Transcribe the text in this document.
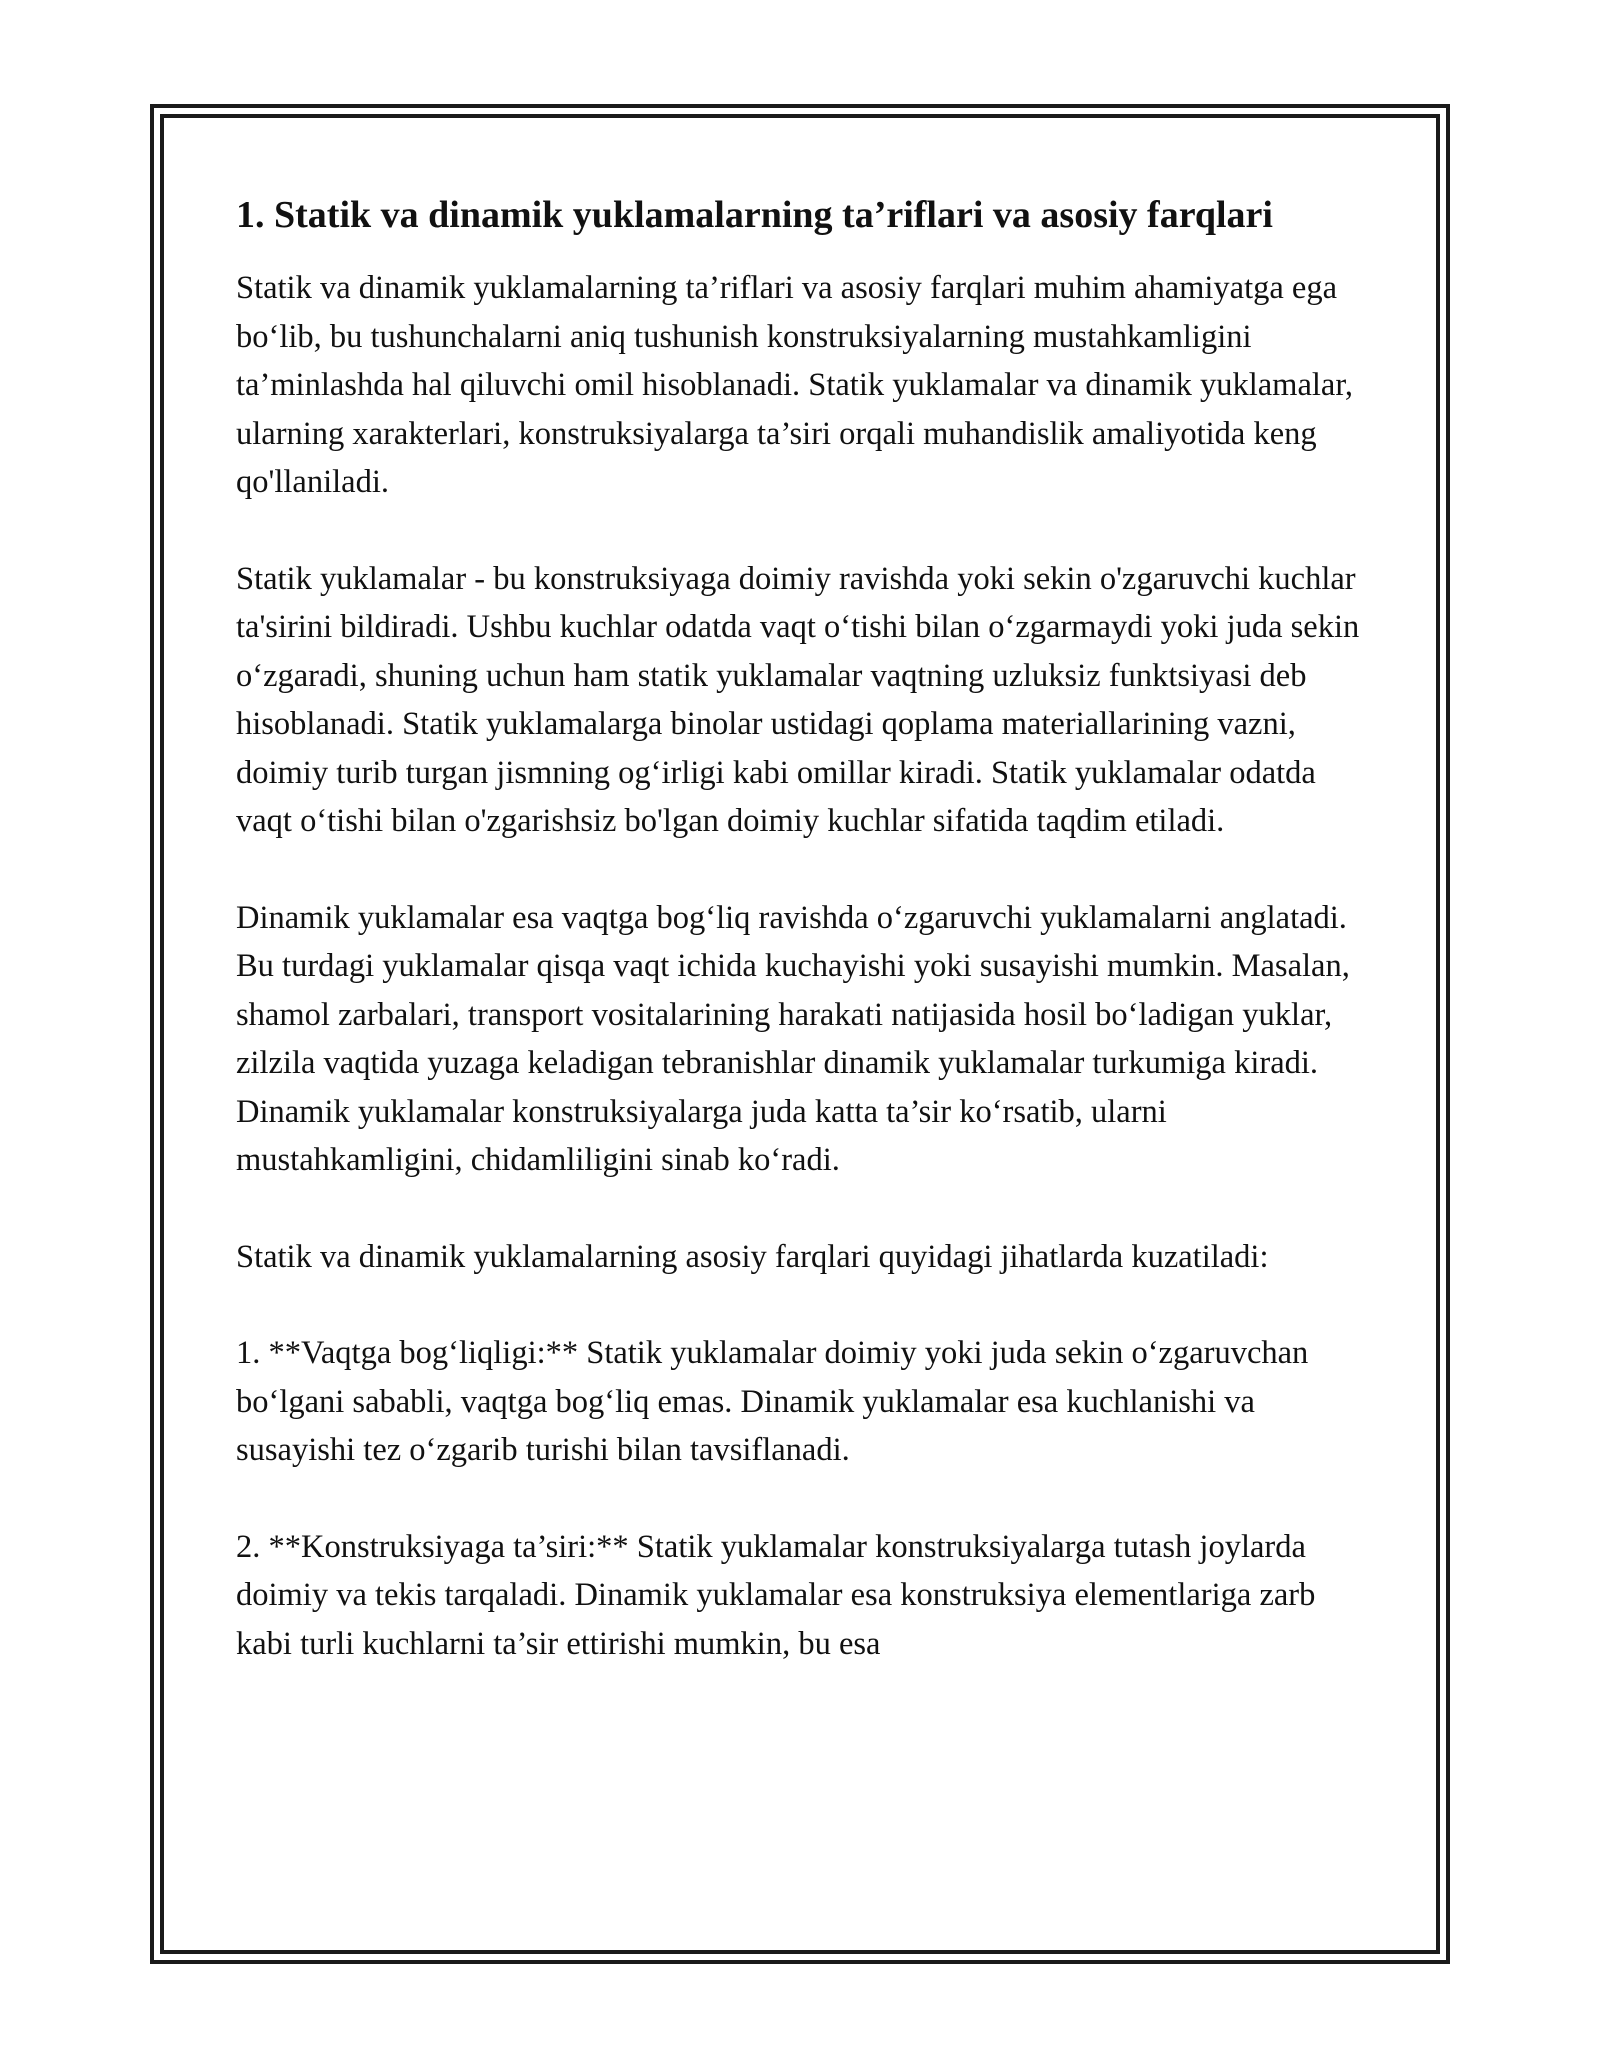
1. Statik va dinamik yuklamalarning ta’riflari va asosiy farqlari

Statik va dinamik yuklamalarning ta’riflari va asosiy farqlari muhim ahamiyatga ega bo‘lib, bu tushunchalarni aniq tushunish konstruksiyalarning mustahkamligini ta’minlashda hal qiluvchi omil hisoblanadi. Statik yuklamalar va dinamik yuklamalar, ularning xarakterlari, konstruksiyalarga ta’siri orqali muhandislik amaliyotida keng qo'llaniladi.

Statik yuklamalar - bu konstruksiyaga doimiy ravishda yoki sekin o'zgaruvchi kuchlar ta'sirini bildiradi. Ushbu kuchlar odatda vaqt o‘tishi bilan o‘zgarmaydi yoki juda sekin o‘zgaradi, shuning uchun ham statik yuklamalar vaqtning uzluksiz funktsiyasi deb hisoblanadi. Statik yuklamalarga binolar ustidagi qoplama materiallarining vazni, doimiy turib turgan jismning og‘irligi kabi omillar kiradi. Statik yuklamalar odatda vaqt o‘tishi bilan o'zgarishsiz bo'lgan doimiy kuchlar sifatida taqdim etiladi.

Dinamik yuklamalar esa vaqtga bog‘liq ravishda o‘zgaruvchi yuklamalarni anglatadi. Bu turdagi yuklamalar qisqa vaqt ichida kuchayishi yoki susayishi mumkin. Masalan, shamol zarbalari, transport vositalarining harakati natijasida hosil bo‘ladigan yuklar, zilzila vaqtida yuzaga keladigan tebranishlar dinamik yuklamalar turkumiga kiradi. Dinamik yuklamalar konstruksiyalarga juda katta ta’sir ko‘rsatib, ularni mustahkamligini, chidamliligini sinab ko‘radi.

Statik va dinamik yuklamalarning asosiy farqlari quyidagi jihatlarda kuzatiladi:

1. **Vaqtga bog‘liqligi:** Statik yuklamalar doimiy yoki juda sekin o‘zgaruvchan bo‘lgani sababli, vaqtga bog‘liq emas. Dinamik yuklamalar esa kuchlanishi va susayishi tez o‘zgarib turishi bilan tavsiflanadi.

2. **Konstruksiyaga ta’siri:** Statik yuklamalar konstruksiyalarga tutash joylarda doimiy va tekis tarqaladi. Dinamik yuklamalar esa konstruksiya elementlariga zarb kabi turli kuchlarni ta’sir ettirishi mumkin, bu esa
